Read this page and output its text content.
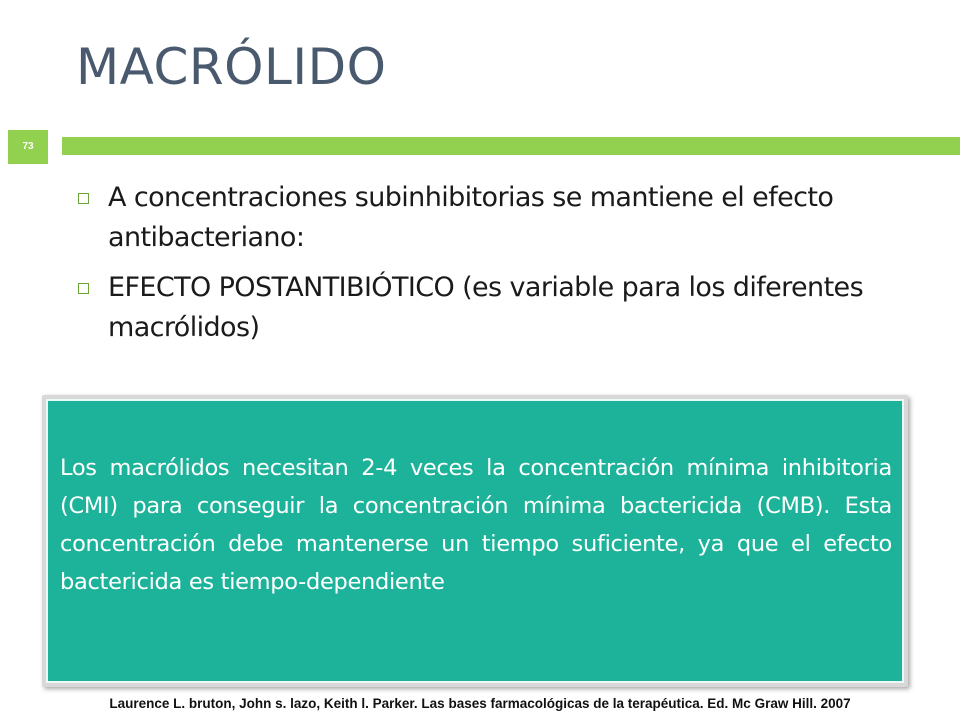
MACRÓLIDO
73
A concentraciones subinhibitorias se mantiene el efecto antibacteriano:
EFECTO POSTANTIBIÓTICO (es variable para los diferentes macrólidos)
Los macrólidos necesitan 2-4 veces la concentración mínima inhibitoria (CMI) para conseguir la concentración mínima bactericida (CMB). Esta concentración debe mantenerse un tiempo suficiente, ya que el efecto bactericida es tiempo-dependiente
Laurence L. bruton, John s. lazo, Keith l. Parker. Las bases farmacológicas de la terapéutica. Ed. Mc Graw Hill. 2007
